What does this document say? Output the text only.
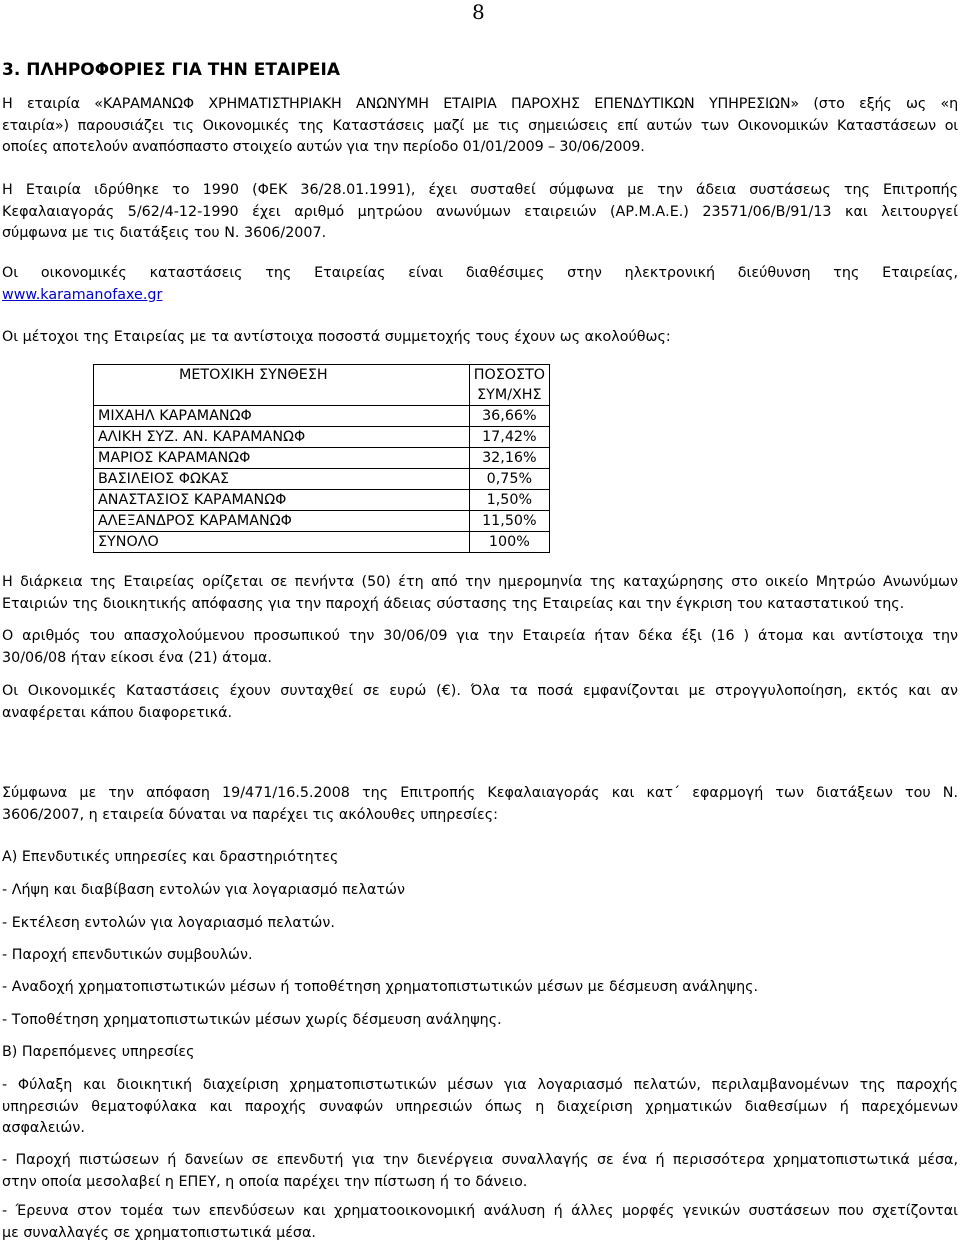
8
3. ΠΛΗΡΟΦΟΡΙΕΣ ΓΙΑ ΤΗΝ ΕΤΑΙΡΕΙΑ

Η εταιρία «ΚΑΡΑΜΑΝΩΦ ΧΡΗΜΑΤΙΣΤΗΡΙΑΚΗ ΑΝΩΝΥΜΗ ΕΤΑΙΡΙΑ ΠΑΡΟΧΗΣ ΕΠΕΝΔΥΤΙΚΩΝ ΥΠΗΡΕΣΙΩΝ» (στο εξής ως «η
εταιρία») παρουσιάζει τις Οικονομικές της Καταστάσεις μαζί με τις σημειώσεις επί αυτών των Οικονομικών Καταστάσεων οι
οποίες αποτελούν αναπόσπαστο στοιχείο αυτών για την περίοδο 01/01/2009 – 30/06/2009.

Η Εταιρία ιδρύθηκε το 1990 (ΦΕΚ 36/28.01.1991), έχει συσταθεί σύμφωνα με την άδεια συστάσεως της Επιτροπής
Κεφαλαιαγοράς 5/62/4-12-1990 έχει αριθμό μητρώου ανωνύμων εταιρειών (ΑΡ.Μ.Α.Ε.) 23571/06/Β/91/13 και λειτουργεί
σύμφωνα με τις διατάξεις του Ν. 3606/2007.

Οι οικονομικές καταστάσεις της Εταιρείας είναι διαθέσιμες στην ηλεκτρονική διεύθυνση της Εταιρείας,
www.karamanofaxe.gr

Οι μέτοχοι της Εταιρείας με τα αντίστοιχα ποσοστά συμμετοχής τους έχουν ως ακολούθως:

ΜΕΤΟΧΙΚΗ ΣΥΝΘΕΣΗ	ΠΟΣΟΣΤΟ
ΣΥΜ/ΧΗΣ

ΜΙΧΑΗΛ ΚΑΡΑΜΑΝΩΦ	36,66%
ΑΛΙΚΗ ΣΥΖ. ΑΝ. ΚΑΡΑΜΑΝΩΦ	17,42%
ΜΑΡΙΟΣ ΚΑΡΑΜΑΝΩΦ	32,16%
ΒΑΣΙΛΕΙΟΣ ΦΩΚΑΣ	0,75%
ΑΝΑΣΤΑΣΙΟΣ ΚΑΡΑΜΑΝΩΦ	1,50%
ΑΛΕΞΑΝΔΡΟΣ ΚΑΡΑΜΑΝΩΦ	11,50%
ΣΥΝΟΛΟ	100%

Η διάρκεια της Εταιρείας ορίζεται σε πενήντα (50) έτη από την ημερομηνία της καταχώρησης στο οικείο Μητρώο Ανωνύμων
Εταιριών της διοικητικής απόφασης για την παροχή άδειας σύστασης της Εταιρείας και την έγκριση του καταστατικού της.

Ο αριθμός του απασχολούμενου προσωπικού την 30/06/09 για την Εταιρεία ήταν δέκα έξι (16 ) άτομα και αντίστοιχα την
30/06/08 ήταν είκοσι ένα (21) άτομα.

Οι Οικονομικές Καταστάσεις έχουν συνταχθεί σε ευρώ (€). Όλα τα ποσά εμφανίζονται με στρογγυλοποίηση, εκτός και αν
αναφέρεται κάπου διαφορετικά.

Σύμφωνα με την απόφαση 19/471/16.5.2008 της Επιτροπής Κεφαλαιαγοράς και κατ΄ εφαρμογή των διατάξεων του Ν.
3606/2007, η εταιρεία δύναται να παρέχει τις ακόλουθες υπηρεσίες:

Α) Επενδυτικές υπηρεσίες και δραστηριότητες
- Λήψη και διαβίβαση εντολών για λογαριασμό πελατών
- Εκτέλεση εντολών για λογαριασμό πελατών.
- Παροχή επενδυτικών συμβουλών.
- Αναδοχή χρηματοπιστωτικών μέσων ή τοποθέτηση χρηματοπιστωτικών μέσων με δέσμευση ανάληψης.
- Τοποθέτηση χρηματοπιστωτικών μέσων χωρίς δέσμευση ανάληψης.
Β) Παρεπόμενες υπηρεσίες

- Φύλαξη και διοικητική διαχείριση χρηματοπιστωτικών μέσων για λογαριασμό πελατών, περιλαμβανομένων της παροχής
υπηρεσιών θεματοφύλακα και παροχής συναφών υπηρεσιών όπως η διαχείριση χρηματικών διαθεσίμων ή παρεχόμενων
ασφαλειών.

- Παροχή πιστώσεων ή δανείων σε επενδυτή για την διενέργεια συναλλαγής σε ένα ή περισσότερα χρηματοπιστωτικά μέσα,
στην οποία μεσολαβεί η ΕΠΕΥ, η οποία παρέχει την πίστωση ή το δάνειο.

- Έρευνα στον τομέα των επενδύσεων και χρηματοοικονομική ανάλυση ή άλλες μορφές γενικών συστάσεων που σχετίζονται
με συναλλαγές σε χρηματοπιστωτικά μέσα.
